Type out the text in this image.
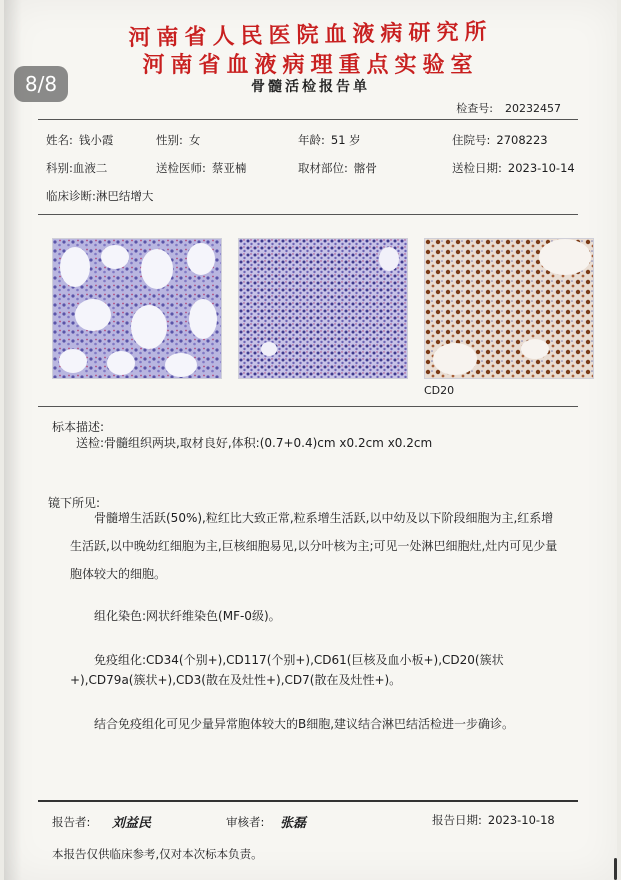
8/8
河南省人民医院血液病研究所
河南省血液病理重点实验室
骨髓活检报告单
检查号: 20232457
姓名: 钱小霞	性别: 女	年龄: 51 岁	住院号: 2708223
科别:血液二	送检医师: 蔡亚楠	取材部位: 髂骨	送检日期: 2023-10-14
临床诊断:淋巴结增大
CD20
标本描述:
送检:骨髓组织两块,取材良好,体积:(0.7+0.4)cm x0.2cm x0.2cm
镜下所见:
骨髓增生活跃(50%),粒红比大致正常,粒系增生活跃,以中幼及以下阶段细胞为主,红系增生活跃,以中晚幼红细胞为主,巨核细胞易见,以分叶核为主;可见一处淋巴细胞灶,灶内可见少量胞体较大的细胞。
组化染色:网状纤维染色(MF-0级)。
免疫组化:CD34(个别+),CD117(个别+),CD61(巨核及血小板+),CD20(簇状+),CD79a(簇状+),CD3(散在及灶性+),CD7(散在及灶性+)。
结合免疫组化可见少量异常胞体较大的B细胞,建议结合淋巴结活检进一步确诊。
报告者: 刘益民	审核者: 张磊	报告日期: 2023-10-18
本报告仅供临床参考,仅对本次标本负责。
